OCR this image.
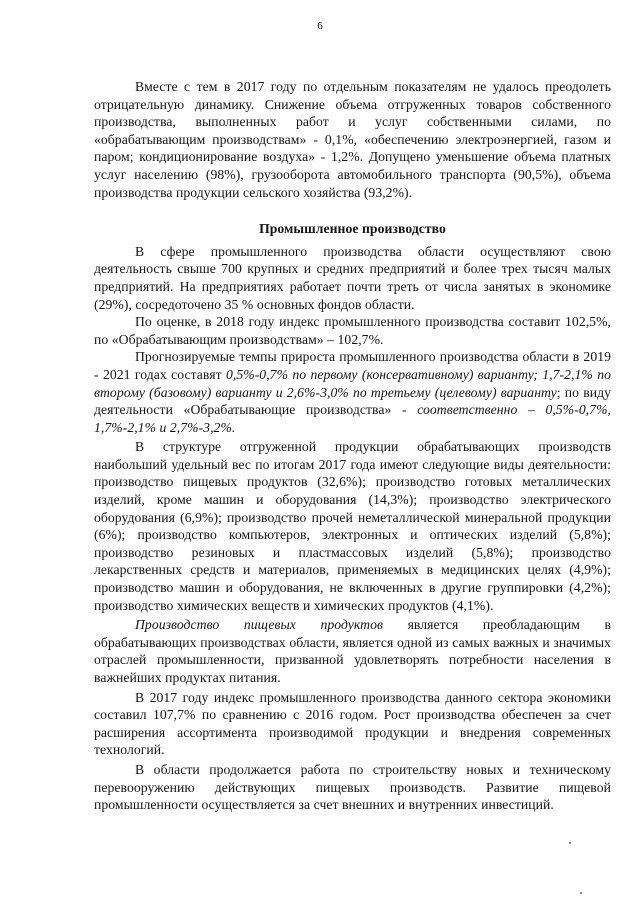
6

Вместе с тем в 2017 году по отдельным показателям не удалось преодолеть отрицательную динамику. Снижение объема отгруженных товаров собственного производства, выполненных работ и услуг собственными силами, по «обрабатывающим производствам» - 0,1%, «обеспечению электроэнергией, газом и паром; кондиционирование воздуха» - 1,2%. Допущено уменьшение объема платных услуг населению (98%), грузооборота автомобильного транспорта (90,5%), объема производства продукции сельского хозяйства (93,2%).

Промышленное производство

В сфере промышленного производства области осуществляют свою деятельность свыше 700 крупных и средних предприятий и более трех тысяч малых предприятий. На предприятиях работает почти треть от числа занятых в экономике (29%), сосредоточено 35 % основных фондов области.

По оценке, в 2018 году индекс промышленного производства составит 102,5%, по «Обрабатывающим производствам» – 102,7%.

Прогнозируемые темпы прироста промышленного производства области в 2019 - 2021 годах составят 0,5%-0,7% по первому (консервативному) варианту; 1,7-2,1% по второму (базовому) варианту и 2,6%-3,0% по третьему (целевому) варианту; по виду деятельности «Обрабатывающие производства» - соответственно – 0,5%-0,7%, 1,7%-2,1% и 2,7%-3,2%.

В структуре отгруженной продукции обрабатывающих производств наибольший удельный вес по итогам 2017 года имеют следующие виды деятельности: производство пищевых продуктов (32,6%); производство готовых металлических изделий, кроме машин и оборудования (14,3%); производство электрического оборудования (6,9%); производство прочей неметаллической минеральной продукции (6%); производство компьютеров, электронных и оптических изделий (5,8%); производство резиновых и пластмассовых изделий (5,8%); производство лекарственных средств и материалов, применяемых в медицинских целях (4,9%); производство машин и оборудования, не включенных в другие группировки (4,2%); производство химических веществ и химических продуктов (4,1%).

Производство пищевых продуктов является преобладающим в обрабатывающих производствах области, является одной из самых важных и значимых отраслей промышленности, призванной удовлетворять потребности населения в важнейших продуктах питания.

В 2017 году индекс промышленного производства данного сектора экономики составил 107,7% по сравнению с 2016 годом. Рост производства обеспечен за счет расширения ассортимента производимой продукции и внедрения современных технологий.

В области продолжается работа по строительству новых и техническому перевооружению действующих пищевых производств. Развитие пищевой промышленности осуществляется за счет внешних и внутренних инвестиций.
